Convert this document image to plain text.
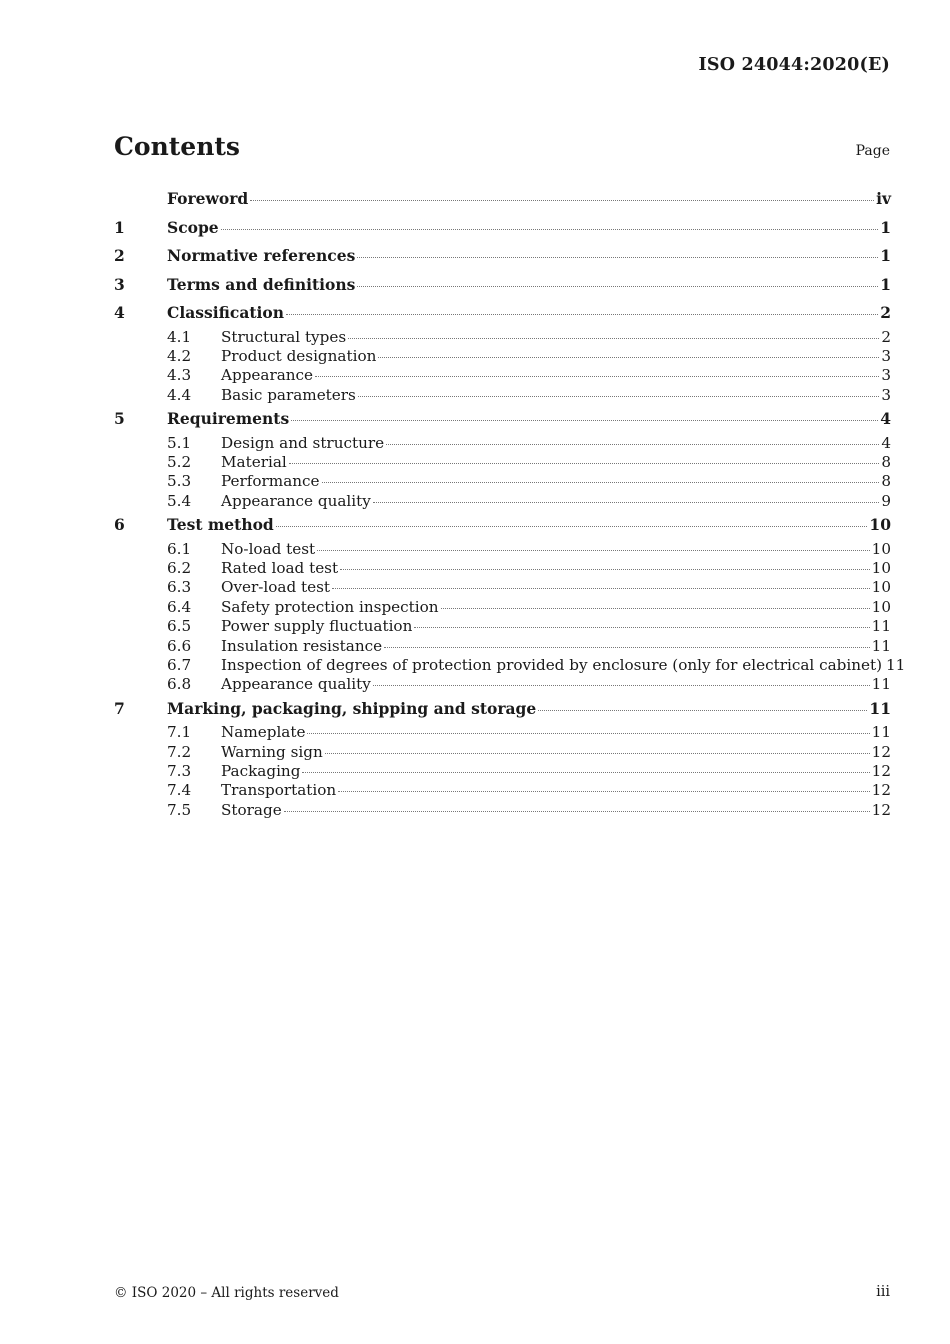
ISO 24044:2020(E)
Contents	Page
Foreword	iv
1	Scope	1
2	Normative references	1
3	Terms and definitions	1
4	Classification	2
4.1	Structural types	2
4.2	Product designation	3
4.3	Appearance	3
4.4	Basic parameters	3
5	Requirements	4
5.1	Design and structure	4
5.2	Material	8
5.3	Performance	8
5.4	Appearance quality	9
6	Test method	10
6.1	No-load test	10
6.2	Rated load test	10
6.3	Over-load test	10
6.4	Safety protection inspection	10
6.5	Power supply fluctuation	11
6.6	Insulation resistance	11
6.7	Inspection of degrees of protection provided by enclosure (only for electrical cabinet) 11
6.8	Appearance quality	11
7	Marking, packaging, shipping and storage	11
7.1	Nameplate	11
7.2	Warning sign	12
7.3	Packaging	12
7.4	Transportation	12
7.5	Storage	12
© ISO 2020 – All rights reserved	iii
